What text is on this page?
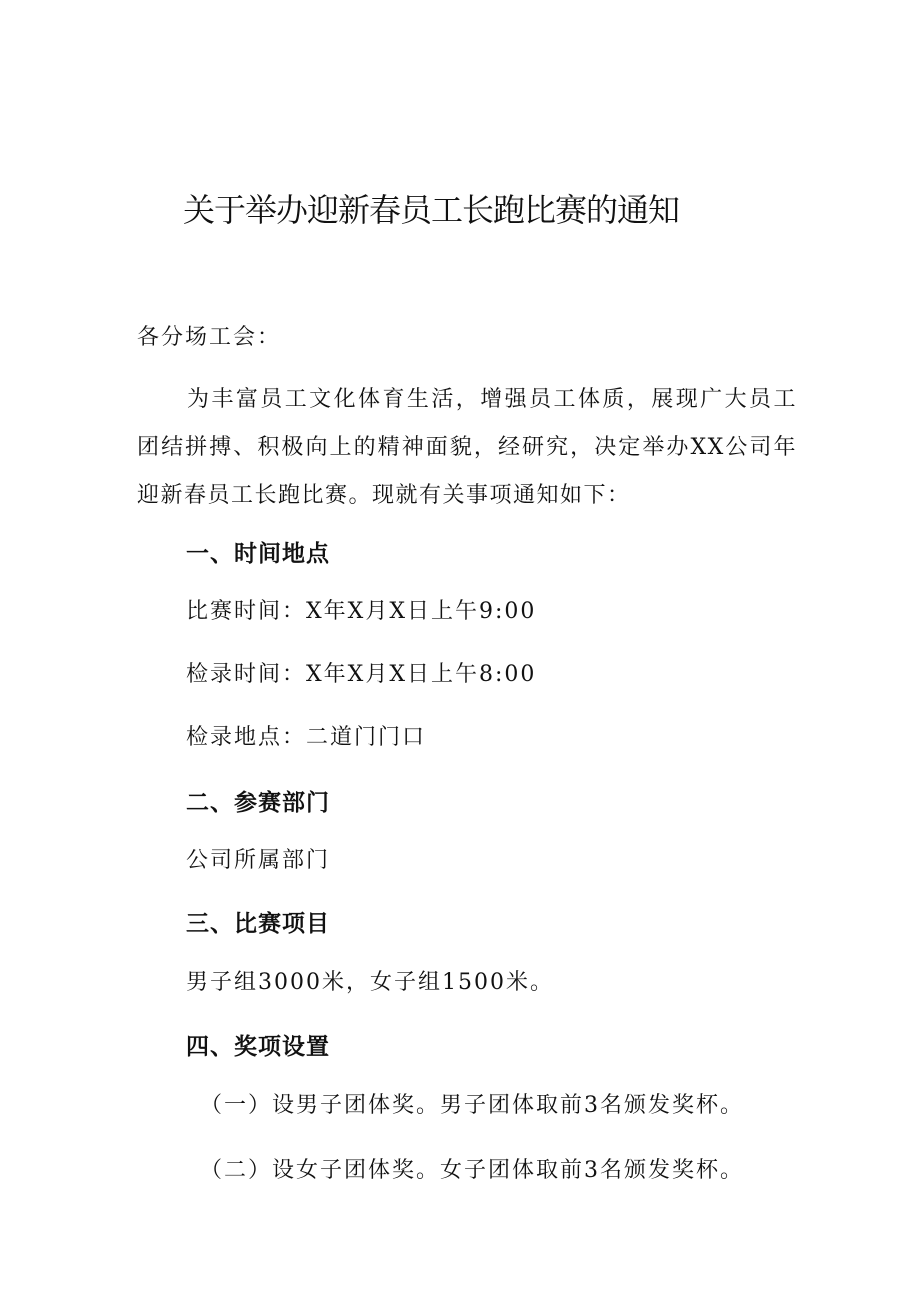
关于举办迎新春员工长跑比赛的通知
各分场工会：
为丰富员工文化体育生活，增强员工体质，展现广大员工团结拼搏、积极向上的精神面貌，经研究，决定举办XX公司年迎新春员工长跑比赛。现就有关事项通知如下：
一、时间地点
比赛时间：X年X月X日上午9:00
检录时间：X年X月X日上午8:00
检录地点：二道门门口
二、参赛部门
公司所属部门
三、比赛项目
男子组3000米，女子组1500米。
四、奖项设置
（一）设男子团体奖。男子团体取前3名颁发奖杯。
（二）设女子团体奖。女子团体取前3名颁发奖杯。
